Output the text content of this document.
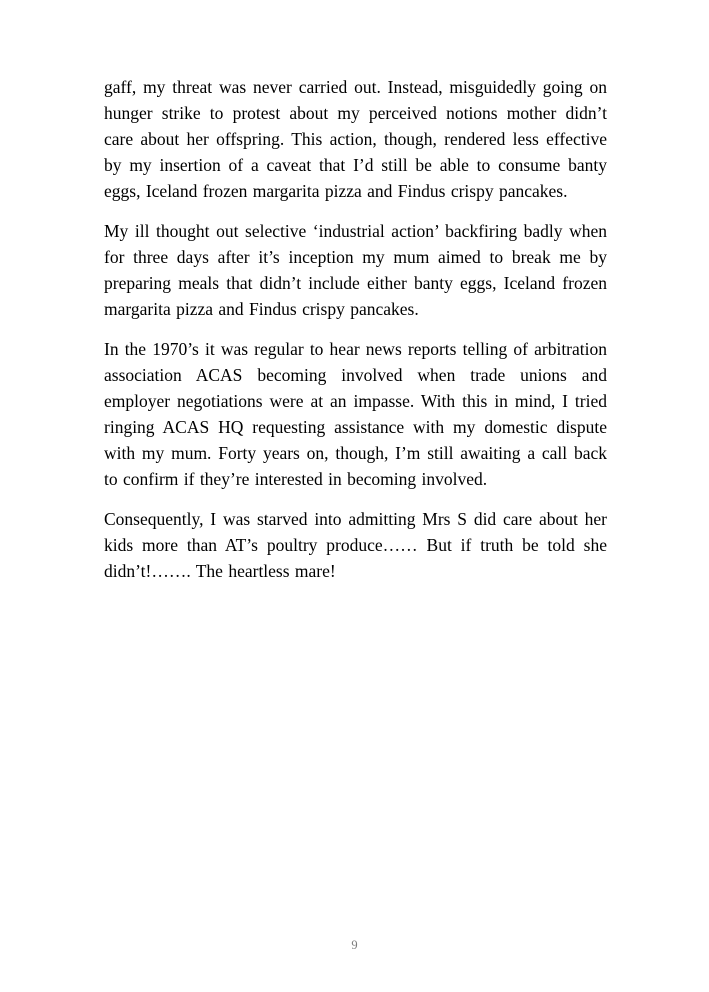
gaff, my threat was never carried out. Instead, misguidedly going on hunger strike to protest about my perceived notions mother didn’t care about her offspring. This action, though, rendered less effective by my insertion of a caveat that I’d still be able to consume banty eggs, Iceland frozen margarita pizza and Findus crispy pancakes.

My ill thought out selective ‘industrial action’ backfiring badly when for three days after it’s inception my mum aimed to break me by preparing meals that didn’t include either banty eggs, Iceland frozen margarita pizza and Findus crispy pancakes.

In the 1970’s it was regular to hear news reports telling of arbitration association ACAS becoming involved when trade unions and employer negotiations were at an impasse. With this in mind, I tried ringing ACAS HQ requesting assistance with my domestic dispute with my mum. Forty years on, though, I’m still awaiting a call back to confirm if they’re interested in becoming involved.

Consequently, I was starved into admitting Mrs S did care about her kids more than AT’s poultry produce…… But if truth be told she didn’t!……. The heartless mare!

9
